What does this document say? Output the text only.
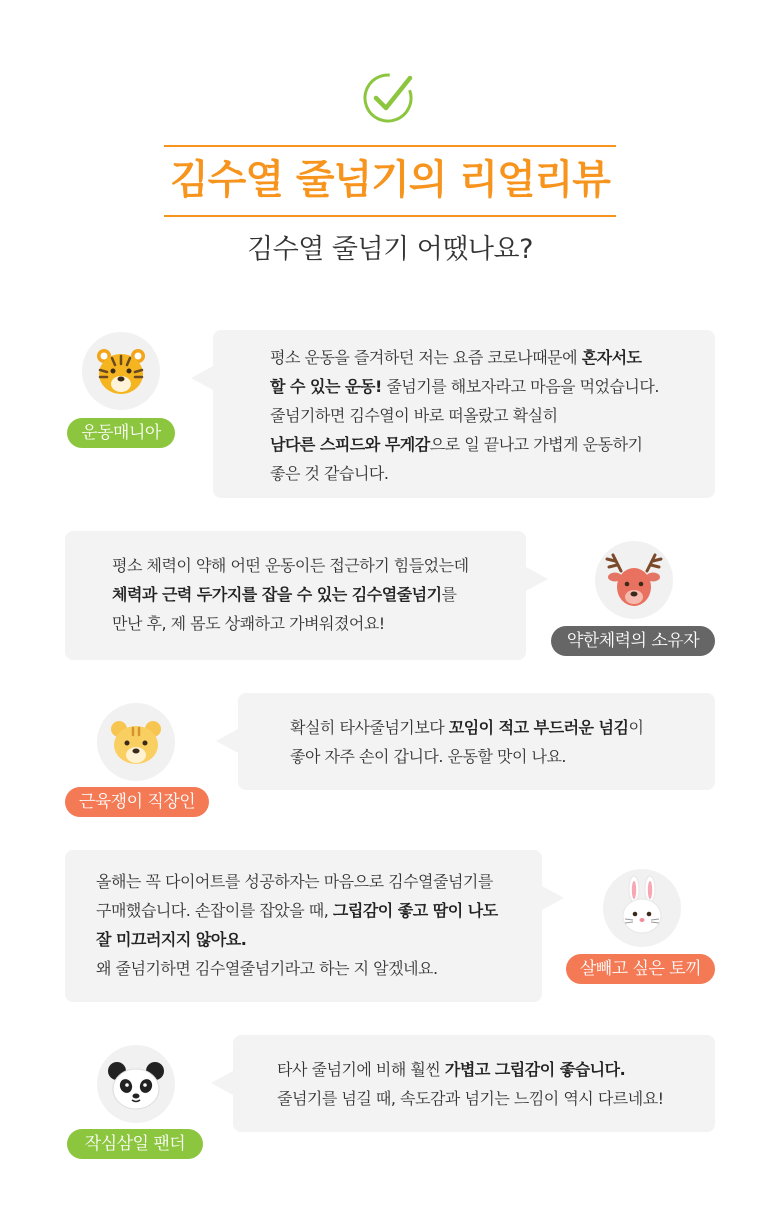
김수열 줄넘기의 리얼리뷰
김수열 줄넘기 어땠나요?
운동매니아
평소 운동을 즐겨하던 저는 요즘 코로나때문에 혼자서도
할 수 있는 운동! 줄넘기를 해보자라고 마음을 먹었습니다.
줄넘기하면 김수열이 바로 떠올랐고 확실히
남다른 스피드와 무게감으로 일 끝나고 가볍게 운동하기
좋은 것 같습니다.
평소 체력이 약해 어떤 운동이든 접근하기 힘들었는데
체력과 근력 두가지를 잡을 수 있는 김수열줄넘기를
만난 후, 제 몸도 상쾌하고 가벼워졌어요!
약한체력의 소유자
근육쟁이 직장인
확실히 타사줄넘기보다 꼬임이 적고 부드러운 넘김이
좋아 자주 손이 갑니다. 운동할 맛이 나요.
올해는 꼭 다이어트를 성공하자는 마음으로 김수열줄넘기를
구매했습니다. 손잡이를 잡았을 때, 그립감이 좋고 땀이 나도
잘 미끄러지지 않아요.
왜 줄넘기하면 김수열줄넘기라고 하는 지 알겠네요.	살빼고 싶은 토끼
작심삼일 팬더
타사 줄넘기에 비해 훨씬 가볍고 그립감이 좋습니다.
줄넘기를 넘길 때, 속도감과 넘기는 느낌이 역시 다르네요!
